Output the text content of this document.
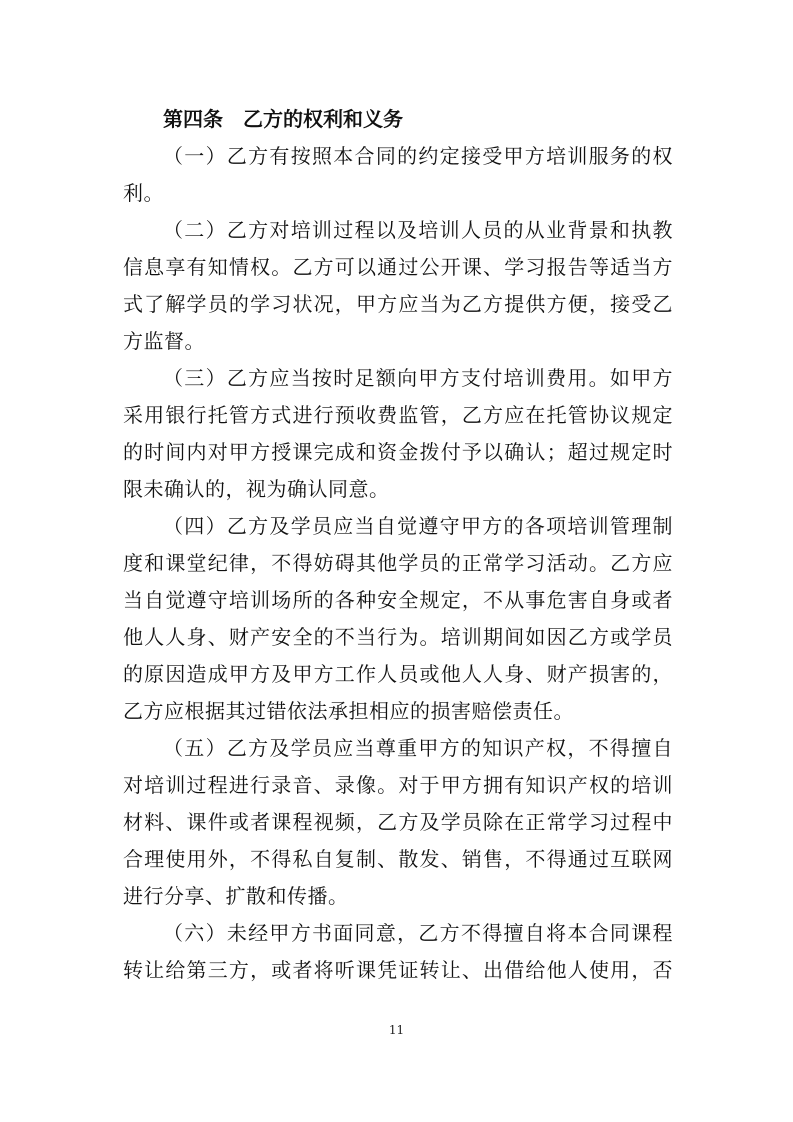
第四条　乙方的权利和义务

（一）乙方有按照本合同的约定接受甲方培训服务的权
利。

（二）乙方对培训过程以及培训人员的从业背景和执教
信息享有知情权。乙方可以通过公开课、学习报告等适当方
式了解学员的学习状况，甲方应当为乙方提供方便，接受乙
方监督。

（三）乙方应当按时足额向甲方支付培训费用。如甲方
采用银行托管方式进行预收费监管，乙方应在托管协议规定
的时间内对甲方授课完成和资金拨付予以确认；超过规定时
限未确认的，视为确认同意。

（四）乙方及学员应当自觉遵守甲方的各项培训管理制
度和课堂纪律，不得妨碍其他学员的正常学习活动。乙方应
当自觉遵守培训场所的各种安全规定，不从事危害自身或者
他人人身、财产安全的不当行为。培训期间如因乙方或学员
的原因造成甲方及甲方工作人员或他人人身、财产损害的，
乙方应根据其过错依法承担相应的损害赔偿责任。

（五）乙方及学员应当尊重甲方的知识产权，不得擅自
对培训过程进行录音、录像。对于甲方拥有知识产权的培训
材料、课件或者课程视频，乙方及学员除在正常学习过程中
合理使用外，不得私自复制、散发、销售，不得通过互联网
进行分享、扩散和传播。

（六）未经甲方书面同意，乙方不得擅自将本合同课程
转让给第三方，或者将听课凭证转让、出借给他人使用，否

11
